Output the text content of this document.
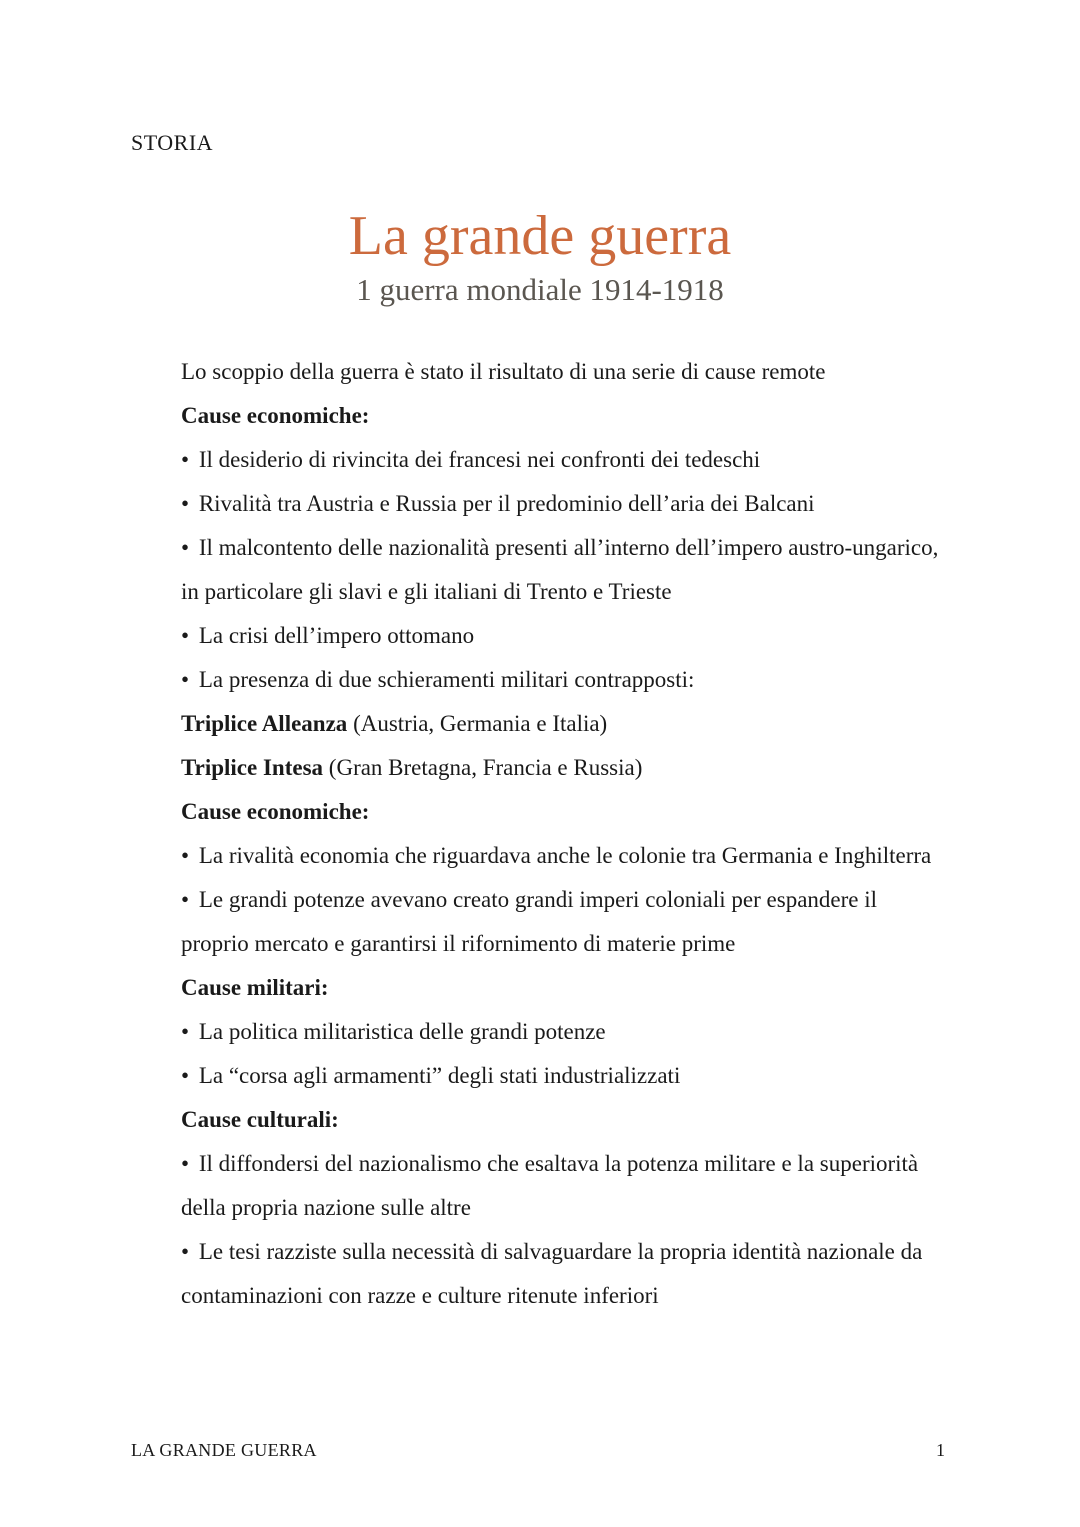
STORIA
La grande guerra

1 guerra mondiale 1914-1918

Lo scoppio della guerra è stato il risultato di una serie di cause remote

Cause economiche:

• Il desiderio di rivincita dei francesi nei confronti dei tedeschi

• Rivalità tra Austria e Russia per il predominio dell’aria dei Balcani

• Il malcontento delle nazionalità presenti all’interno dell’impero austro-ungarico, in particolare gli slavi e gli italiani di Trento e Trieste

• La crisi dell’impero ottomano

• La presenza di due schieramenti militari contrapposti:

Triplice Alleanza (Austria, Germania e Italia)

Triplice Intesa (Gran Bretagna, Francia e Russia)

Cause economiche:

• La rivalità economia che riguardava anche le colonie tra Germania e Inghilterra

• Le grandi potenze avevano creato grandi imperi coloniali per espandere il proprio mercato e garantirsi il rifornimento di materie prime

Cause militari:

• La politica militaristica delle grandi potenze

• La “corsa agli armamenti” degli stati industrializzati

Cause culturali:

• Il diffondersi del nazionalismo che esaltava la potenza militare e la superiorità della propria nazione sulle altre

• Le tesi razziste sulla necessità di salvaguardare la propria identità nazionale da contaminazioni con razze e culture ritenute inferiori

LA GRANDE GUERRA	1
